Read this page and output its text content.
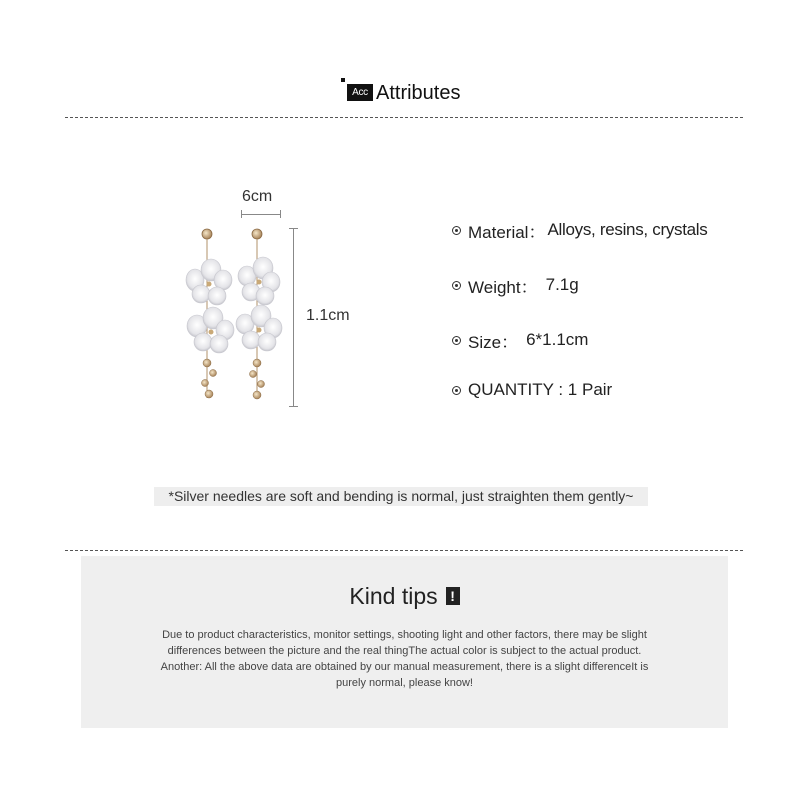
Acc Attributes
6cm
1.1cm
Material： Alloys, resins, crystals
Weight： 7.1g
Size： 6*1.1cm
QUANTITY : 1 Pair
*Silver needles are soft and bending is normal, just straighten them gently~
Kind tips !
Due to product characteristics, monitor settings, shooting light and other factors, there may be slight
differences between the picture and the real thingThe actual color is subject to the actual product.
Another: All the above data are obtained by our manual measurement, there is a slight differenceIt is
purely normal, please know!
